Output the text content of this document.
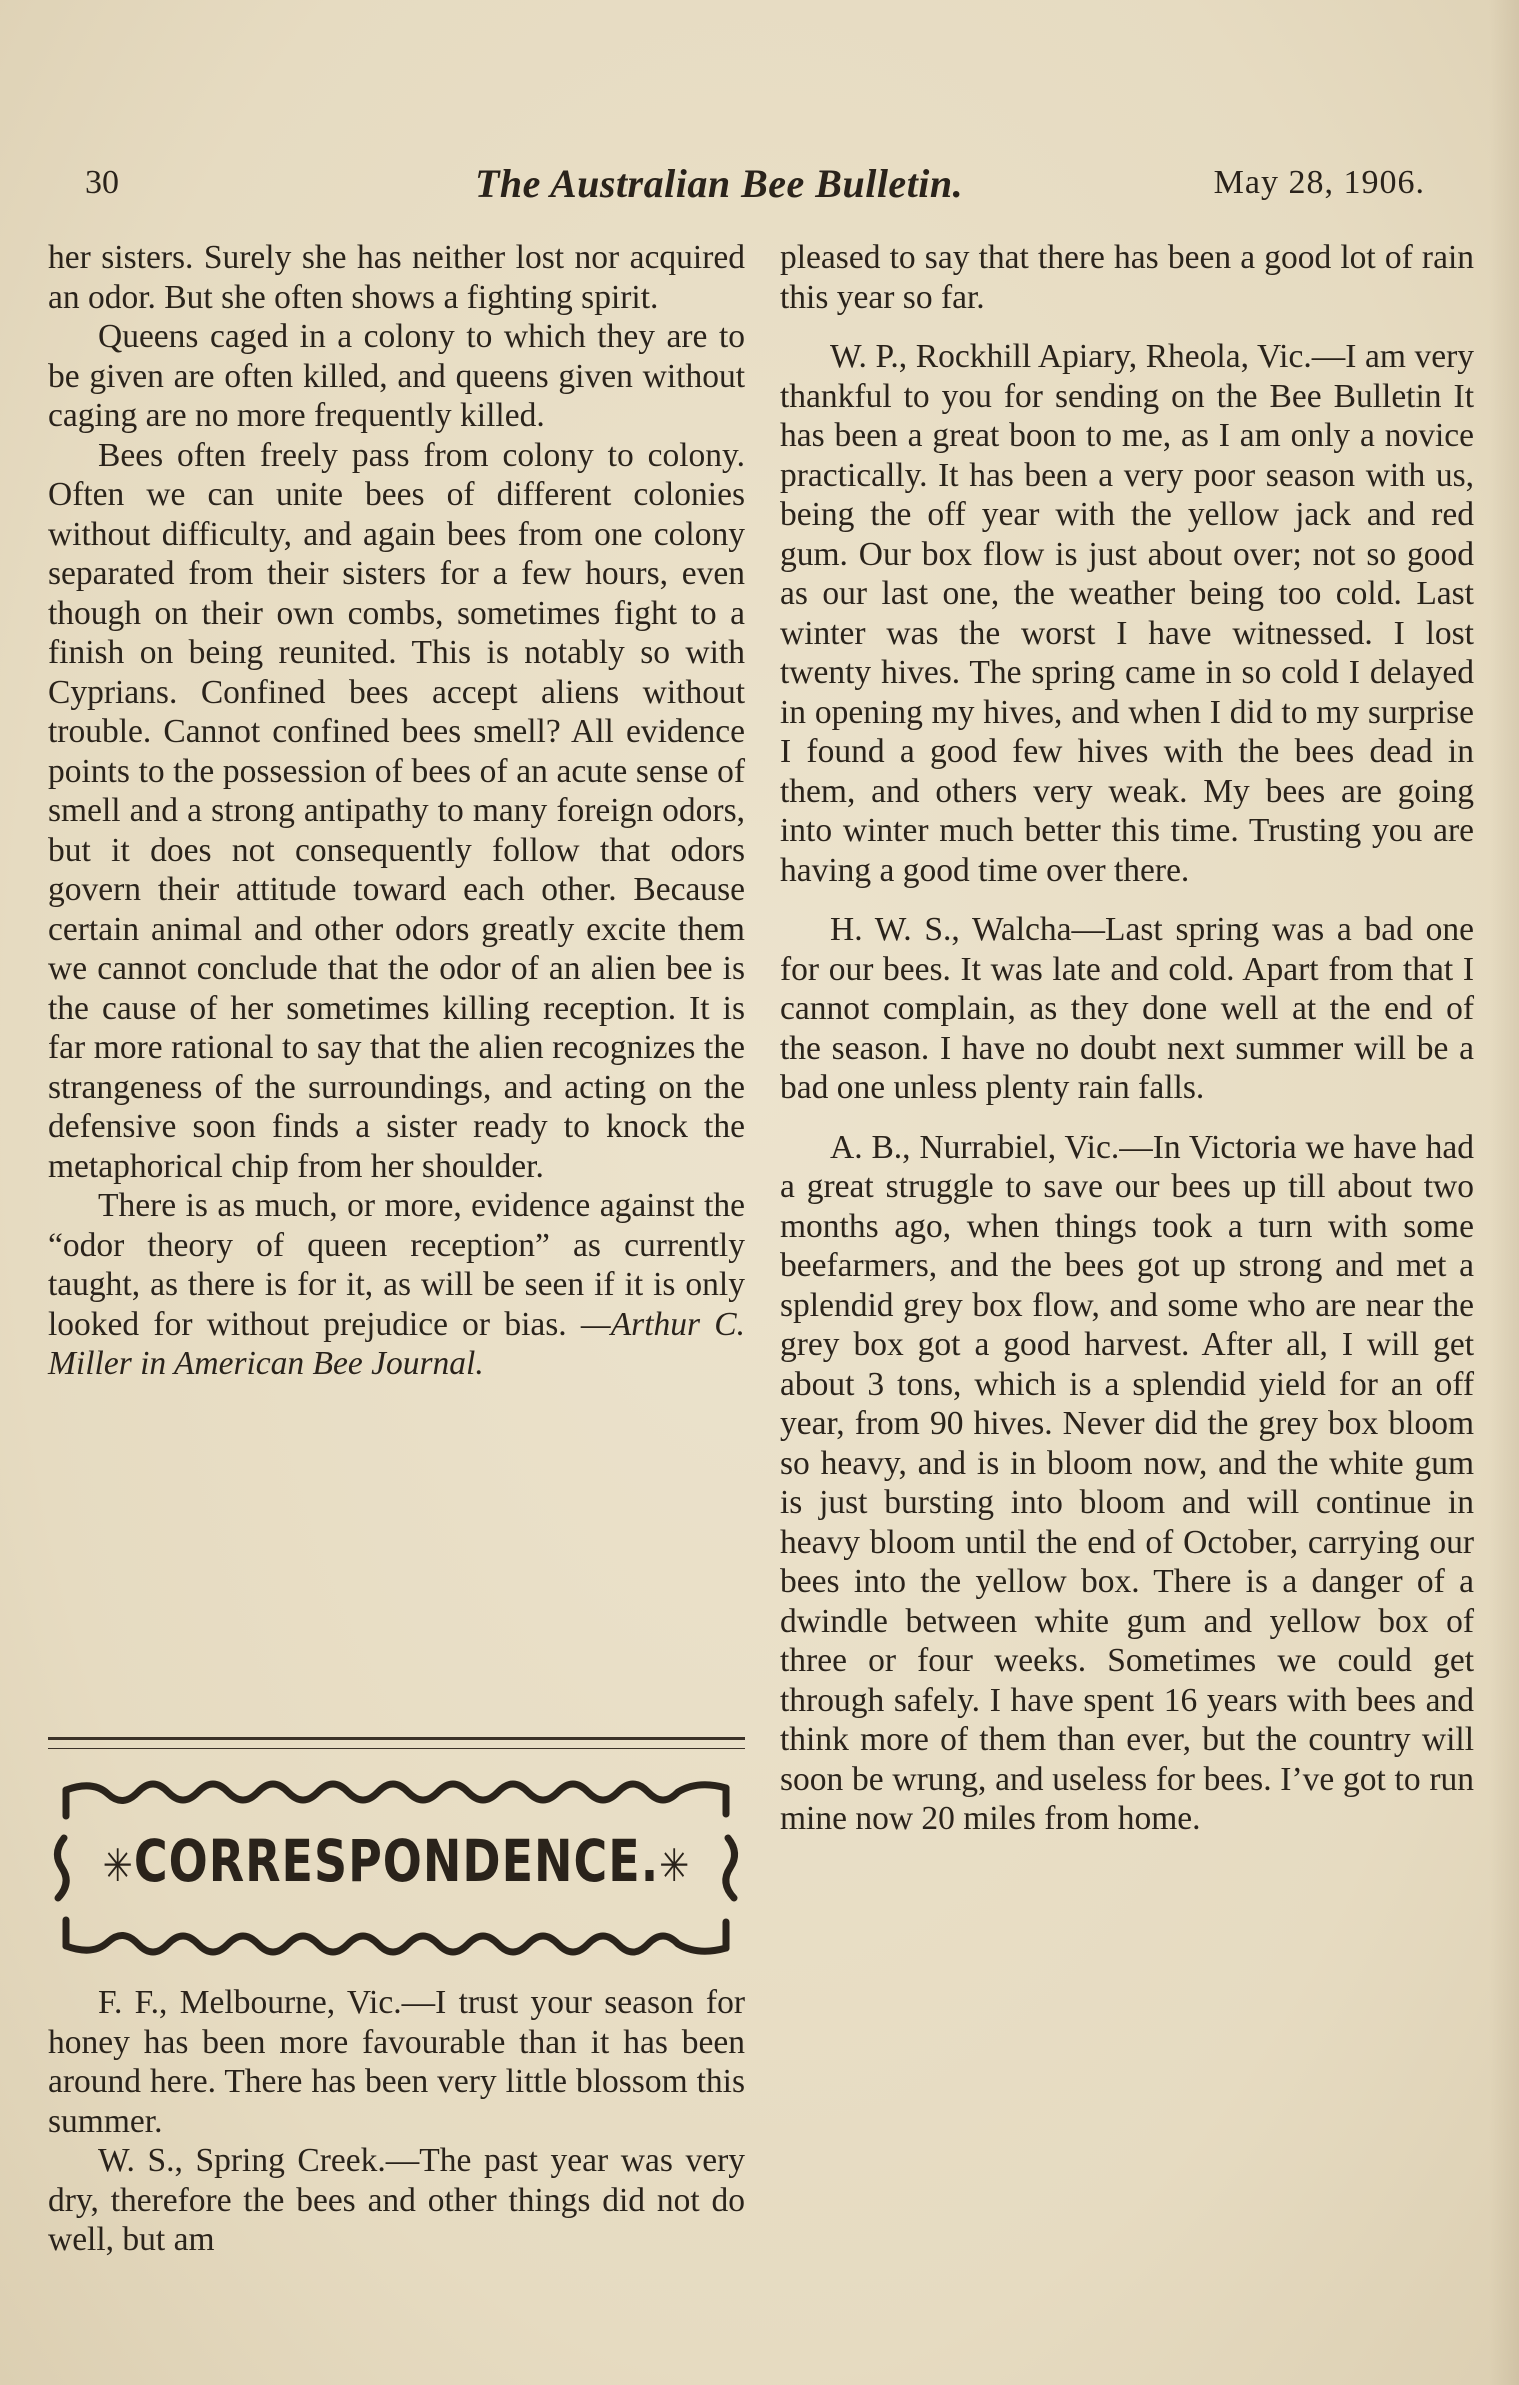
30	The Australian Bee Bulletin.	May 28, 1906.

her sisters. Surely she has neither lost nor acquired an odor. But she often shows a fighting spirit.

Queens caged in a colony to which they are to be given are often killed, and queens given without caging are no more frequently killed.

Bees often freely pass from colony to colony. Often we can unite bees of different colonies without difficulty, and again bees from one colony separated from their sisters for a few hours, even though on their own combs, sometimes fight to a finish on being reunited. This is notably so with Cyprians. Confined bees accept aliens without trouble. Cannot confined bees smell? All evidence points to the possession of bees of an acute sense of smell and a strong antipathy to many foreign odors, but it does not consequently follow that odors govern their attitude toward each other. Because certain animal and other odors greatly excite them we cannot conclude that the odor of an alien bee is the cause of her sometimes killing reception. It is far more rational to say that the alien recognizes the strangeness of the surroundings, and acting on the defensive soon finds a sister ready to knock the metaphorical chip from her shoulder.

There is as much, or more, evidence against the “odor theory of queen reception” as currently taught, as there is for it, as will be seen if it is only looked for without prejudice or bias. —Arthur C. Miller in American Bee Journal.

✳CORRESPONDENCE.✳

F. F., Melbourne, Vic.—I trust your season for honey has been more favourable than it has been around here. There has been very little blossom this summer.

W. S., Spring Creek.—The past year was very dry, therefore the bees and other things did not do well, but am

pleased to say that there has been a good lot of rain this year so far.

W. P., Rockhill Apiary, Rheola, Vic.—I am very thankful to you for sending on the Bee Bulletin It has been a great boon to me, as I am only a novice practically. It has been a very poor season with us, being the off year with the yellow jack and red gum. Our box flow is just about over; not so good as our last one, the weather being too cold. Last winter was the worst I have witnessed. I lost twenty hives. The spring came in so cold I delayed in opening my hives, and when I did to my surprise I found a good few hives with the bees dead in them, and others very weak. My bees are going into winter much better this time. Trusting you are having a good time over there.

H. W. S., Walcha—Last spring was a bad one for our bees. It was late and cold. Apart from that I cannot complain, as they done well at the end of the season. I have no doubt next summer will be a bad one unless plenty rain falls.

A. B., Nurrabiel, Vic.—In Victoria we have had a great struggle to save our bees up till about two months ago, when things took a turn with some beefarmers, and the bees got up strong and met a splendid grey box flow, and some who are near the grey box got a good harvest. After all, I will get about 3 tons, which is a splendid yield for an off year, from 90 hives. Never did the grey box bloom so heavy, and is in bloom now, and the white gum is just bursting into bloom and will continue in heavy bloom until the end of October, carrying our bees into the yellow box. There is a danger of a dwindle between white gum and yellow box of three or four weeks. Sometimes we could get through safely. I have spent 16 years with bees and think more of them than ever, but the country will soon be wrung, and useless for bees. I’ve got to run mine now 20 miles from home.
